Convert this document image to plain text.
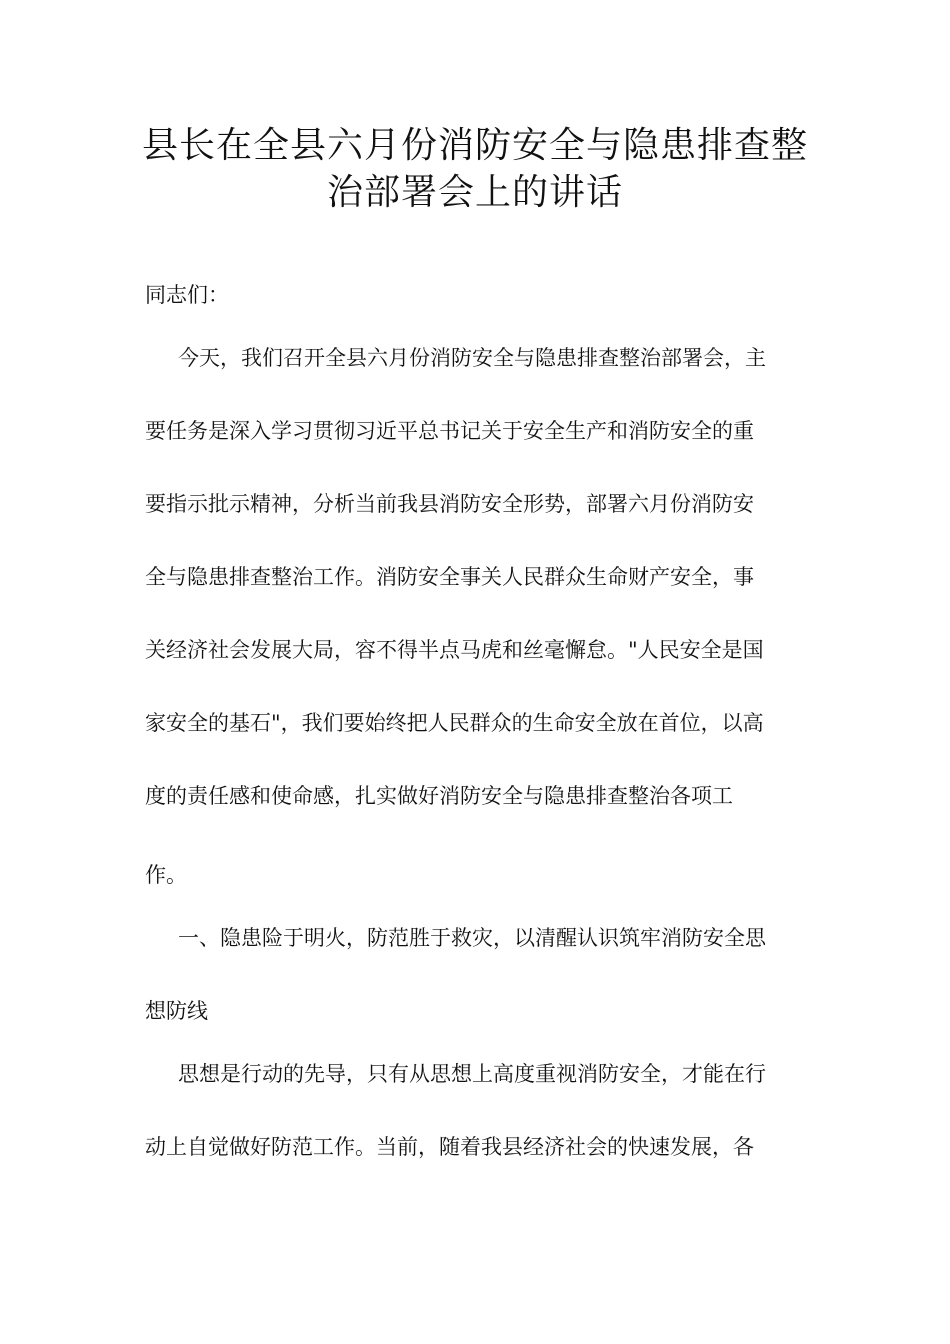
县长在全县六月份消防安全与隐患排查整
治部署会上的讲话

同志们：

今天，我们召开全县六月份消防安全与隐患排查整治部署会，主

要任务是深入学习贯彻习近平总书记关于安全生产和消防安全的重

要指示批示精神，分析当前我县消防安全形势，部署六月份消防安

全与隐患排查整治工作。消防安全事关人民群众生命财产安全，事

关经济社会发展大局，容不得半点马虎和丝毫懈怠。"人民安全是国

家安全的基石"，我们要始终把人民群众的生命安全放在首位，以高

度的责任感和使命感，扎实做好消防安全与隐患排查整治各项工

作。

一、隐患险于明火，防范胜于救灾，以清醒认识筑牢消防安全思

想防线

思想是行动的先导，只有从思想上高度重视消防安全，才能在行

动上自觉做好防范工作。当前，随着我县经济社会的快速发展，各
